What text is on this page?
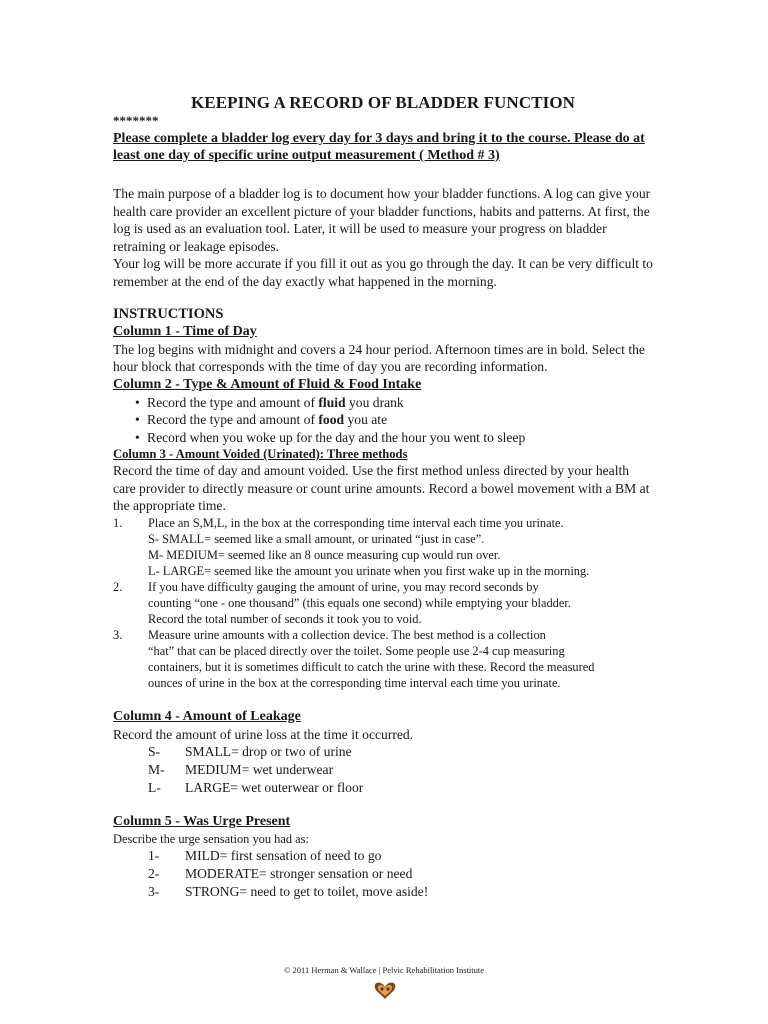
KEEPING A RECORD OF BLADDER FUNCTION
*******
Please complete a bladder log every day for 3 days and bring it to the course. Please do at least one day of specific urine output measurement ( Method # 3)

The main purpose of a bladder log is to document how your bladder functions. A log can give your health care provider an excellent picture of your bladder functions, habits and patterns. At first, the log is used as an evaluation tool. Later, it will be used to measure your progress on bladder retraining or leakage episodes.

Your log will be more accurate if you fill it out as you go through the day. It can be very difficult to remember at the end of the day exactly what happened in the morning.

INSTRUCTIONS
Column 1 - Time of Day

The log begins with midnight and covers a 24 hour period. Afternoon times are in bold. Select the hour block that corresponds with the time of day you are recording information.

Column 2 - Type & Amount of Fluid & Food Intake
• Record the type and amount of fluid you drank
• Record the type and amount of food you ate
• Record when you woke up for the day and the hour you went to sleep
Column 3 - Amount Voided (Urinated): Three methods

Record the time of day and amount voided. Use the first method unless directed by your health care provider to directly measure or count urine amounts. Record a bowel movement with a BM at the appropriate time.

1. Place an S,M,L, in the box at the corresponding time interval each time you urinate.
S- SMALL= seemed like a small amount, or urinated “just in case”.
M- MEDIUM= seemed like an 8 ounce measuring cup would run over.
L- LARGE= seemed like the amount you urinate when you first wake up in the morning.
2. If you have difficulty gauging the amount of urine, you may record seconds by
counting “one - one thousand” (this equals one second) while emptying your bladder.
Record the total number of seconds it took you to void.
3. Measure urine amounts with a collection device. The best method is a collection
“hat” that can be placed directly over the toilet. Some people use 2-4 cup measuring
containers, but it is sometimes difficult to catch the urine with these. Record the measured
ounces of urine in the box at the corresponding time interval each time you urinate.
Column 4 - Amount of Leakage

Record the amount of urine loss at the time it occurred.

S-	SMALL= drop or two of urine
M-	MEDIUM= wet underwear
L-	LARGE= wet outerwear or floor
Column 5 - Was Urge Present
Describe the urge sensation you had as:
1-	MILD= first sensation of need to go
2-	MODERATE= stronger sensation or need
3-	STRONG= need to get to toilet, move aside!
© 2011 Herman & Wallace | Pelvic Rehabilitation Institute
